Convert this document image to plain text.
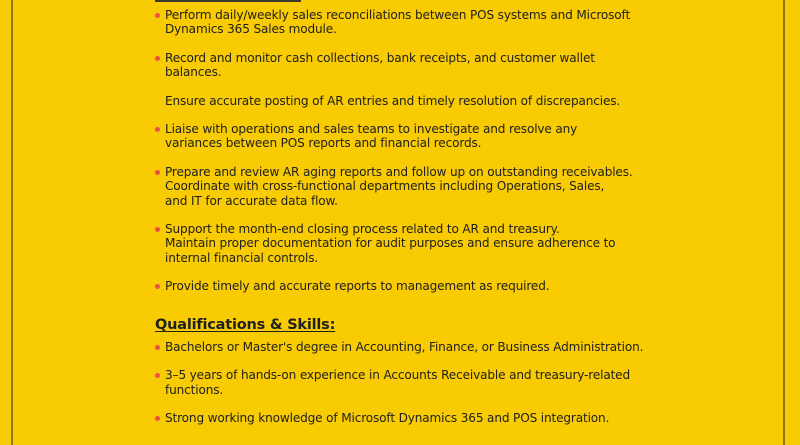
Perform daily/weekly sales reconciliations between POS systems and Microsoft
Dynamics 365 Sales module.
Record and monitor cash collections, bank receipts, and customer wallet
balances.
Ensure accurate posting of AR entries and timely resolution of discrepancies.
Liaise with operations and sales teams to investigate and resolve any
variances between POS reports and financial records.
Prepare and review AR aging reports and follow up on outstanding receivables.
Coordinate with cross-functional departments including Operations, Sales,
and IT for accurate data flow.
Support the month-end closing process related to AR and treasury.
Maintain proper documentation for audit purposes and ensure adherence to
internal financial controls.
Provide timely and accurate reports to management as required.
Qualifications & Skills:
Bachelors or Master's degree in Accounting, Finance, or Business Administration.
3–5 years of hands-on experience in Accounts Receivable and treasury-related
functions.
Strong working knowledge of Microsoft Dynamics 365 and POS integration.
